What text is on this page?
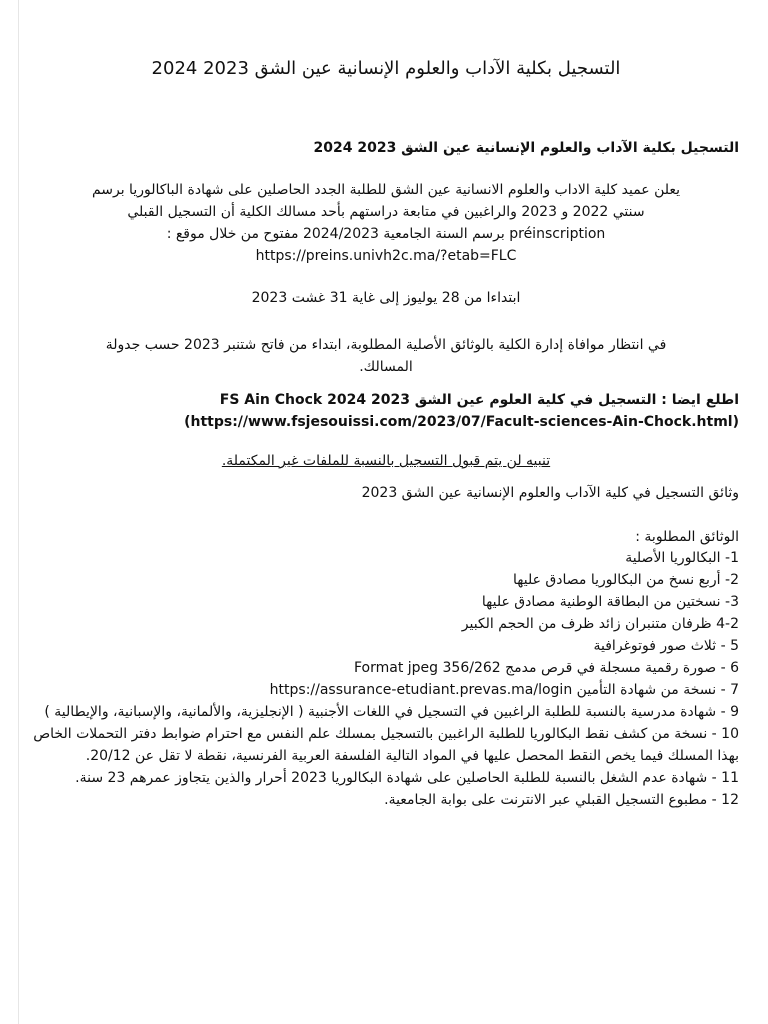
التسجيل بكلية الآداب والعلوم الإنسانية عين الشق 2023 2024
التسجيل بكلية الآداب والعلوم الإنسانية عين الشق 2023 2024

يعلن عميد كلية الاداب والعلوم الانسانية عين الشق للطلبة الجدد الحاصلين على شهادة الباكالوريا برسم
سنتي 2022 و 2023 والراغبين في متابعة دراستهم بأحد مسالك الكلية أن التسجيل القبلي
préinscription برسم السنة الجامعية 2024/2023 مفتوح من خلال موقع :
https://preins.univh2c.ma/?etab=FLC

ابتداءا من 28 يوليوز إلى غاية 31 غشت 2023

في انتظار موافاة إدارة الكلية بالوثائق الأصلية المطلوبة، ابتداء من فاتح شتنبر 2023 حسب جدولة
المسالك.

اطلع ايضا : التسجيل في كلية العلوم عين الشق 2023 2024 FS Ain Chock
(https://www.fsjesouissi.com/2023/07/Facult-sciences-Ain-Chock.html)

تنبيه لن يتم قبول التسجيل بالنسبة للملفات غير المكتملة.

وثائق التسجيل في كلية الآداب والعلوم الإنسانية عين الشق 2023

الوثائق المطلوبة :

1- البكالوريا الأصلية
2- أربع نسخ من البكالوريا مصادق عليها
3- نسختين من البطاقة الوطنية مصادق عليها
4-2 ظرفان متنبران زائد ظرف من الحجم الكبير
5 - ثلاث صور فوتوغرافية
6 - صورة رقمية مسجلة في قرص مدمج Format jpeg 356/262
7 - نسخة من شهادة التأمين https://assurance-etudiant.prevas.ma/login
9 - شهادة مدرسية بالنسبة للطلبة الراغبين في التسجيل في اللغات الأجنبية ( الإنجليزية، والألمانية، والإسبانية، والإيطالية )
10 - نسخة من كشف نقط البكالوريا للطلبة الراغبين بالتسجيل بمسلك علم النفس مع احترام ضوابط دفتر التحملات الخاص بهذا المسلك فيما يخص النقط المحصل عليها في المواد التالية الفلسفة العربية الفرنسية، نقطة لا تقل عن 20/12.
11 - شهادة عدم الشغل بالنسبة للطلبة الحاصلين على شهادة البكالوريا 2023 أحرار والذين يتجاوز عمرهم 23 سنة.
12 - مطبوع التسجيل القبلي عبر الانترنت على بوابة الجامعية.
